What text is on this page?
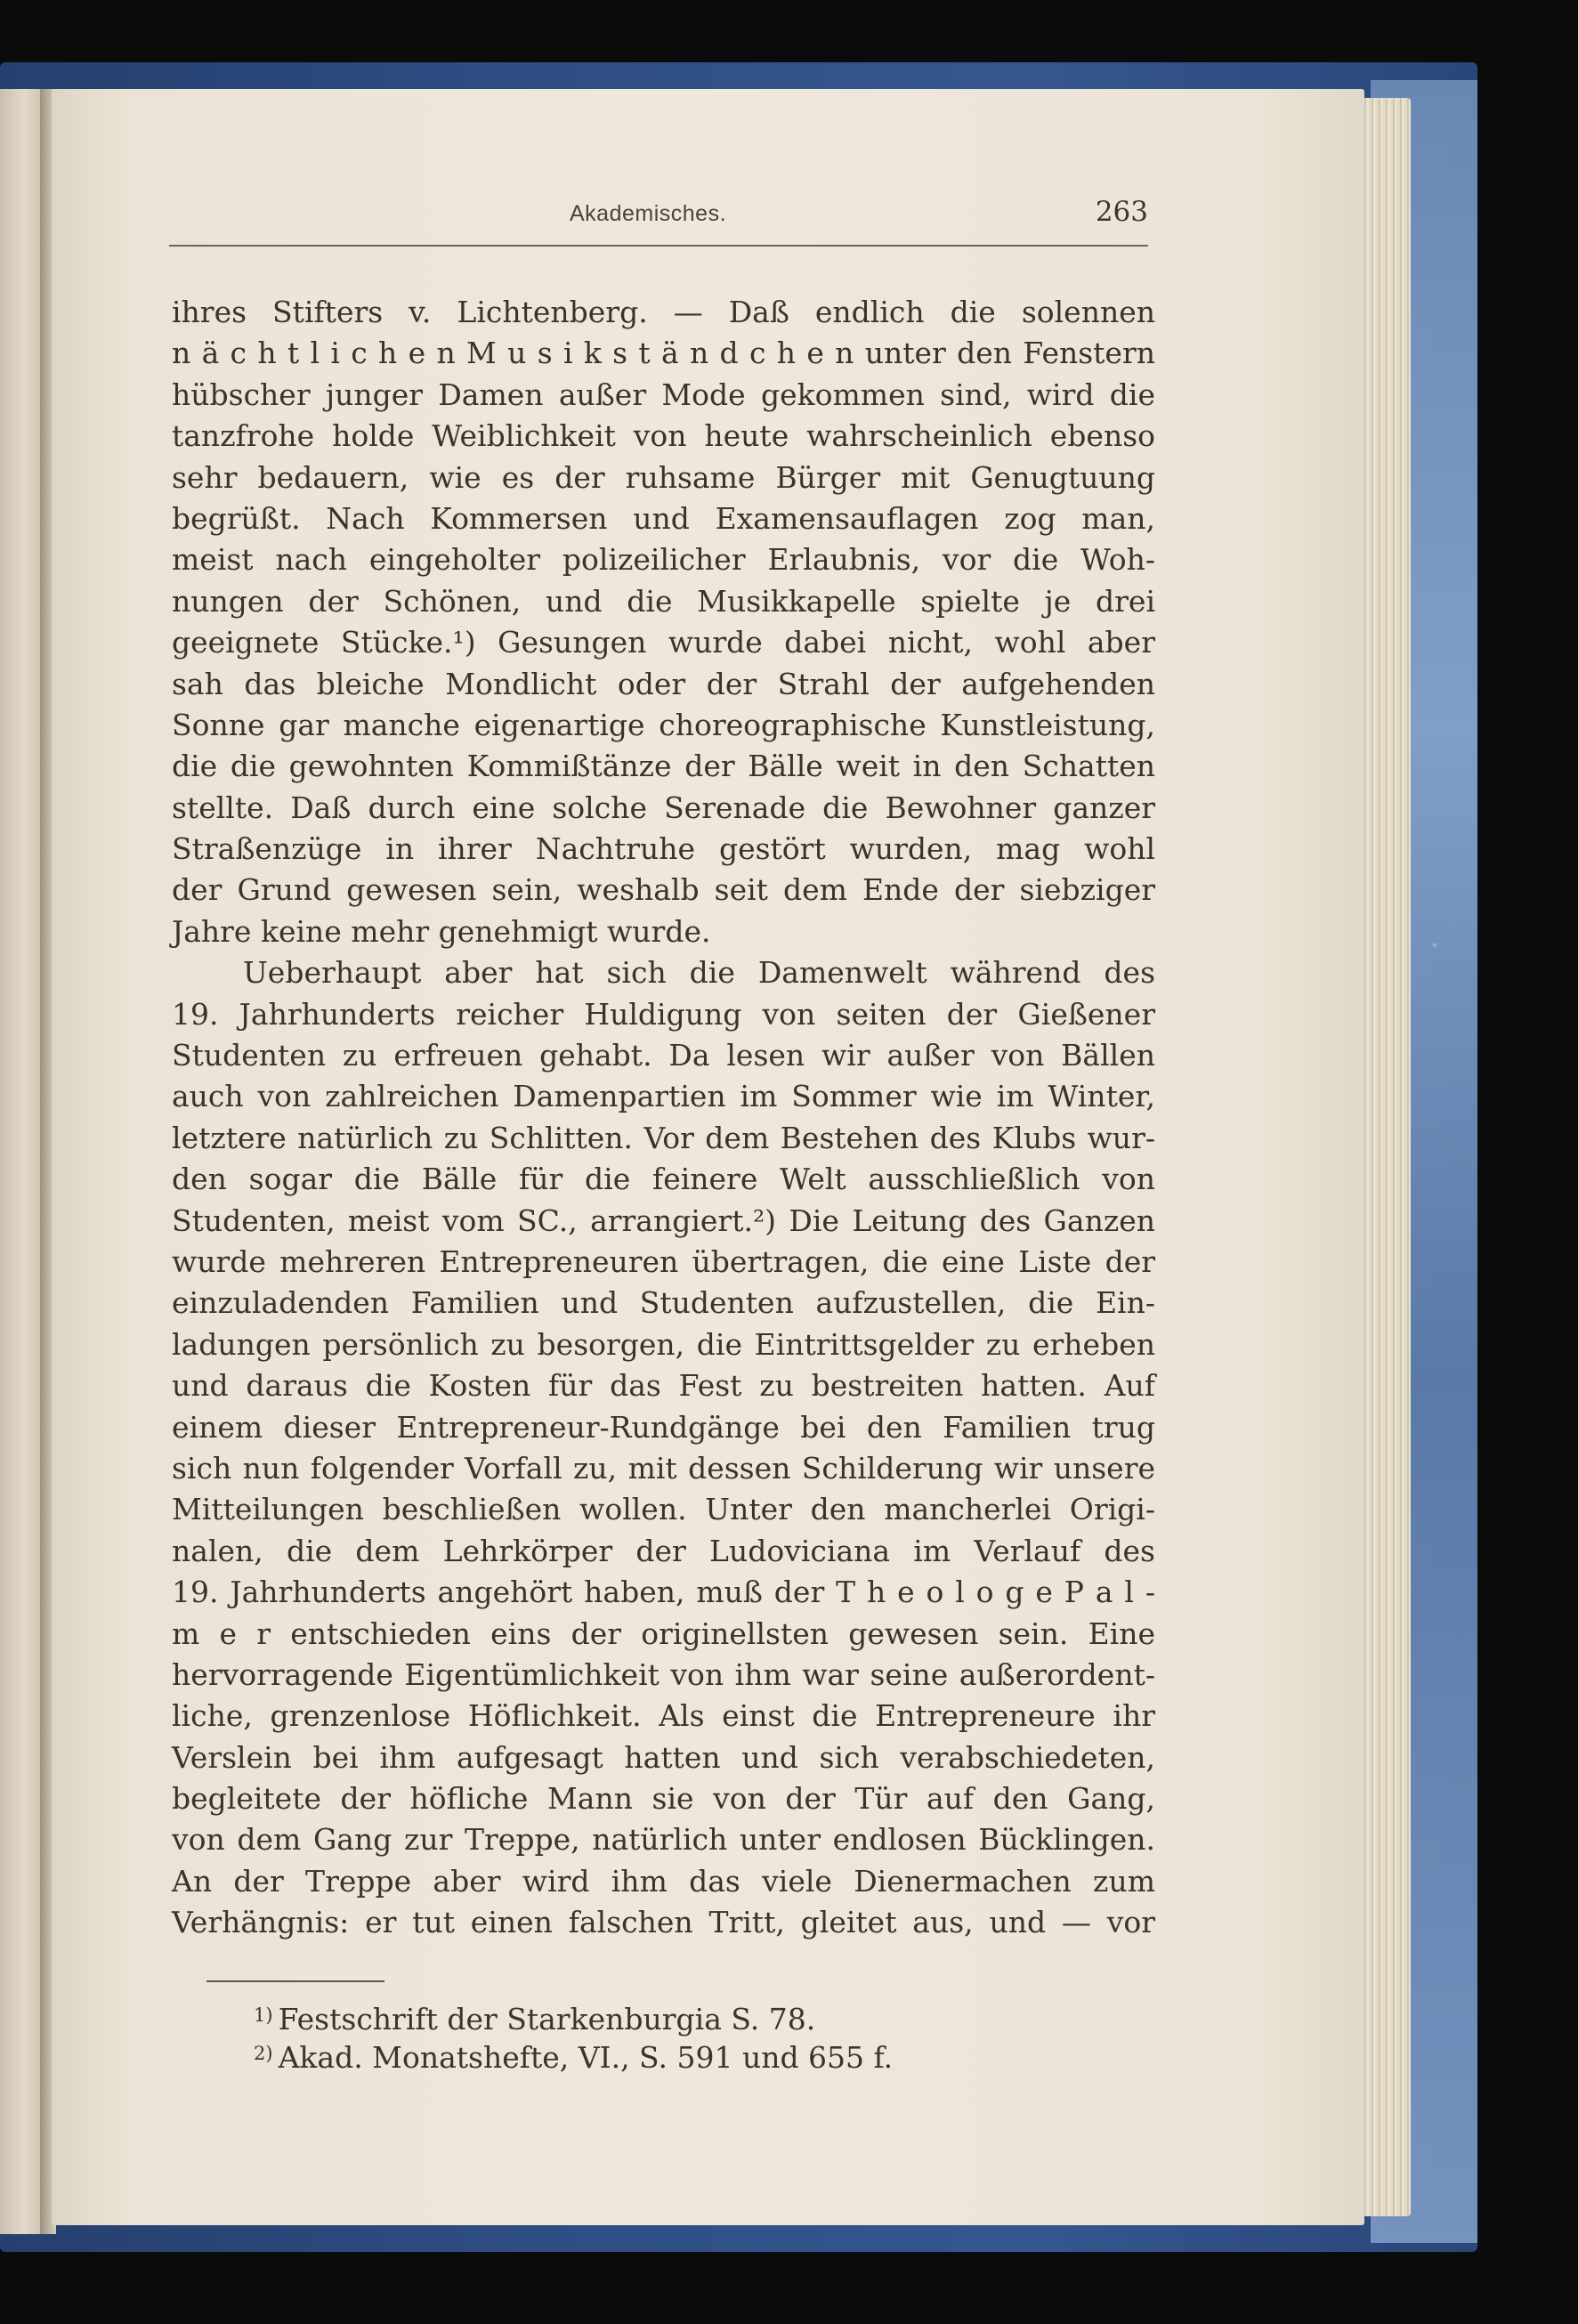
Akademisches.	263
ihres Stifters v. Lichtenberg. — Daß endlich die solennen
n ä c h t l i c h e n M u s i k s t ä n d c h e n unter den Fenstern
hübscher junger Damen außer Mode gekommen sind, wird die
tanzfrohe holde Weiblichkeit von heute wahrscheinlich ebenso
sehr bedauern, wie es der ruhsame Bürger mit Genugtuung
begrüßt. Nach Kommersen und Examensauflagen zog man,
meist nach eingeholter polizeilicher Erlaubnis, vor die Woh-
nungen der Schönen, und die Musikkapelle spielte je drei
geeignete Stücke.¹) Gesungen wurde dabei nicht, wohl aber
sah das bleiche Mondlicht oder der Strahl der aufgehenden
Sonne gar manche eigenartige choreographische Kunstleistung,
die die gewohnten Kommißtänze der Bälle weit in den Schatten
stellte. Daß durch eine solche Serenade die Bewohner ganzer
Straßenzüge in ihrer Nachtruhe gestört wurden, mag wohl
der Grund gewesen sein, weshalb seit dem Ende der siebziger
Jahre keine mehr genehmigt wurde.
Ueberhaupt aber hat sich die Damenwelt während des
19. Jahrhunderts reicher Huldigung von seiten der Gießener
Studenten zu erfreuen gehabt. Da lesen wir außer von Bällen
auch von zahlreichen Damenpartien im Sommer wie im Winter,
letztere natürlich zu Schlitten. Vor dem Bestehen des Klubs wur-
den sogar die Bälle für die feinere Welt ausschließlich von
Studenten, meist vom SC., arrangiert.²) Die Leitung des Ganzen
wurde mehreren Entrepreneuren übertragen, die eine Liste der
einzuladenden Familien und Studenten aufzustellen, die Ein-
ladungen persönlich zu besorgen, die Eintrittsgelder zu erheben
und daraus die Kosten für das Fest zu bestreiten hatten. Auf
einem dieser Entrepreneur-Rundgänge bei den Familien trug
sich nun folgender Vorfall zu, mit dessen Schilderung wir unsere
Mitteilungen beschließen wollen. Unter den mancherlei Origi-
nalen, die dem Lehrkörper der Ludoviciana im Verlauf des
19. Jahrhunderts angehört haben, muß der T h e o l o g e P a l -
m e r entschieden eins der originellsten gewesen sein. Eine
hervorragende Eigentümlichkeit von ihm war seine außerordent-
liche, grenzenlose Höflichkeit. Als einst die Entrepreneure ihr
Verslein bei ihm aufgesagt hatten und sich verabschiedeten,
begleitete der höfliche Mann sie von der Tür auf den Gang,
von dem Gang zur Treppe, natürlich unter endlosen Bücklingen.
An der Treppe aber wird ihm das viele Dienermachen zum
Verhängnis: er tut einen falschen Tritt, gleitet aus, und — vor
$^{1)}$ Festschrift der Starkenburgia S. 78.
$^{2)}$ Akad. Monatshefte, VI., S. 591 und 655 f.
